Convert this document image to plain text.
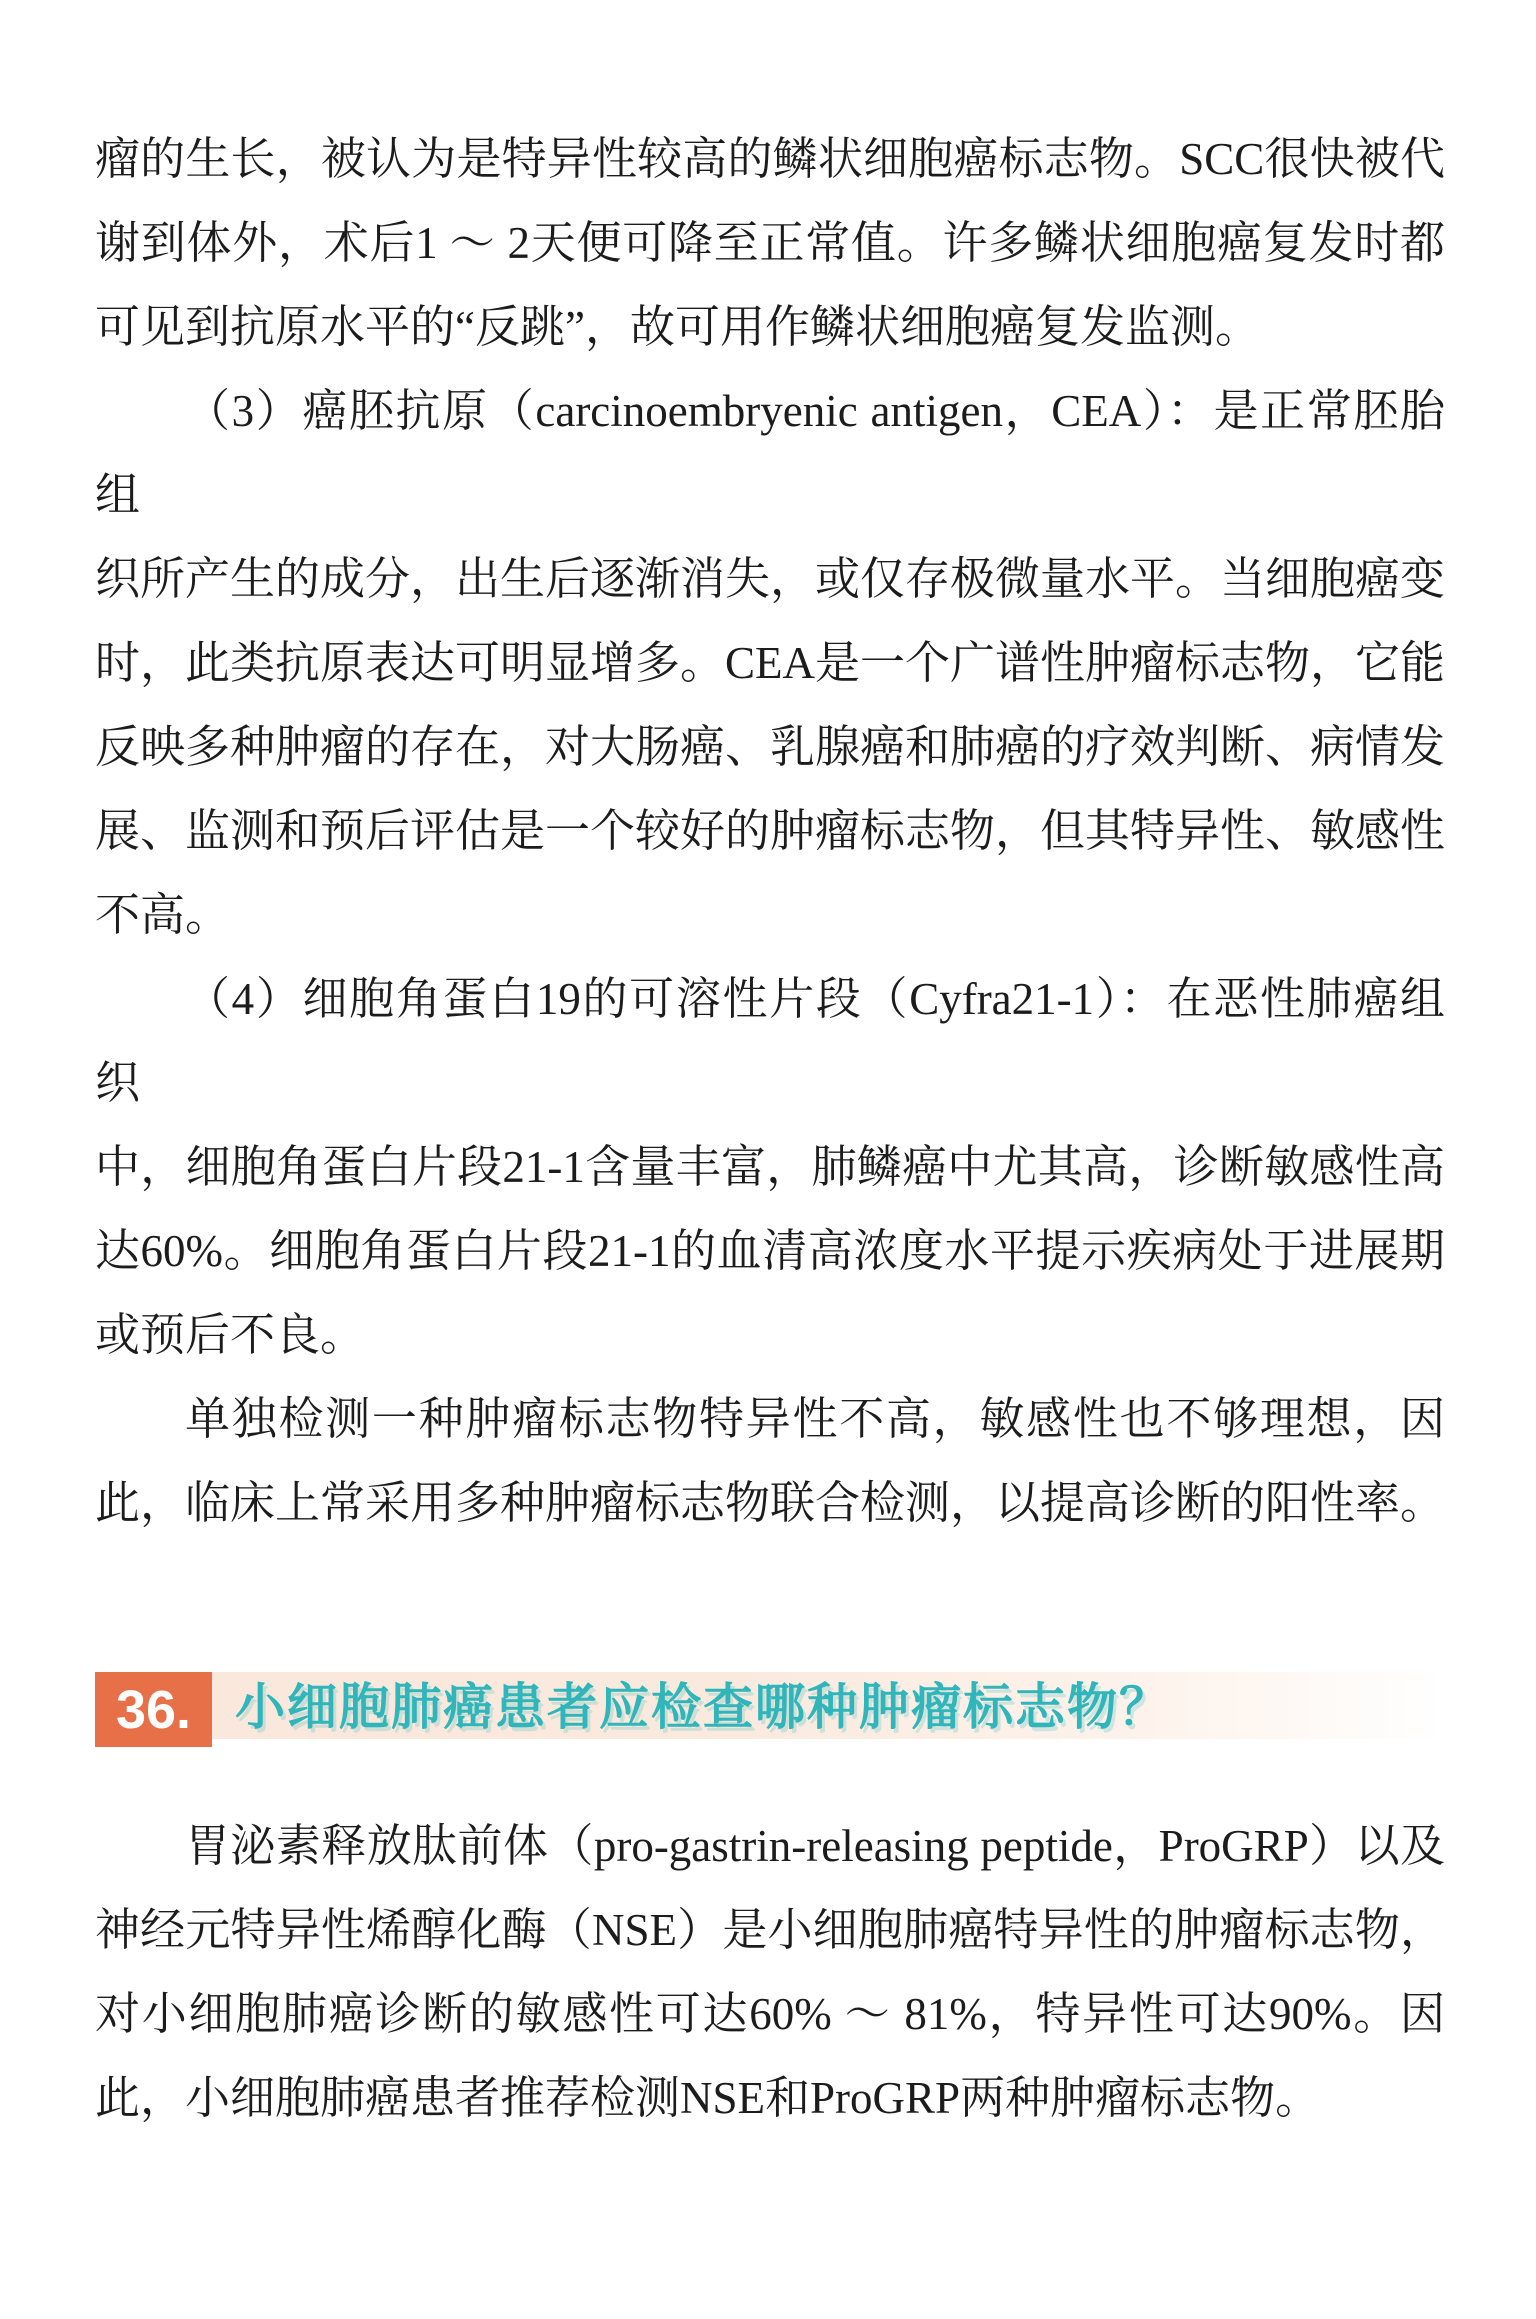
瘤的生长，被认为是特异性较高的鳞状细胞癌标志物。SCC很快被代
谢到体外，术后1 ～ 2天便可降至正常值。许多鳞状细胞癌复发时都
可见到抗原水平的“反跳”，故可用作鳞状细胞癌复发监测。
（3）癌胚抗原（carcinoembryenic antigen，CEA）：是正常胚胎组
织所产生的成分，出生后逐渐消失，或仅存极微量水平。当细胞癌变
时，此类抗原表达可明显增多。CEA是一个广谱性肿瘤标志物，它能
反映多种肿瘤的存在，对大肠癌、乳腺癌和肺癌的疗效判断、病情发
展、监测和预后评估是一个较好的肿瘤标志物，但其特异性、敏感性
不高。
（4）细胞角蛋白19的可溶性片段（Cyfra21-1）：在恶性肺癌组织
中，细胞角蛋白片段21-1含量丰富，肺鳞癌中尤其高，诊断敏感性高
达60%。细胞角蛋白片段21-1的血清高浓度水平提示疾病处于进展期
或预后不良。
单独检测一种肿瘤标志物特异性不高，敏感性也不够理想，因
此，临床上常采用多种肿瘤标志物联合检测，以提高诊断的阳性率。
36. 小细胞肺癌患者应检查哪种肿瘤标志物？
胃泌素释放肽前体（pro-gastrin-releasing peptide，ProGRP）以及
神经元特异性烯醇化酶（NSE）是小细胞肺癌特异性的肿瘤标志物，
对小细胞肺癌诊断的敏感性可达60% ～ 81%，特异性可达90%。因
此，小细胞肺癌患者推荐检测NSE和ProGRP两种肿瘤标志物。
